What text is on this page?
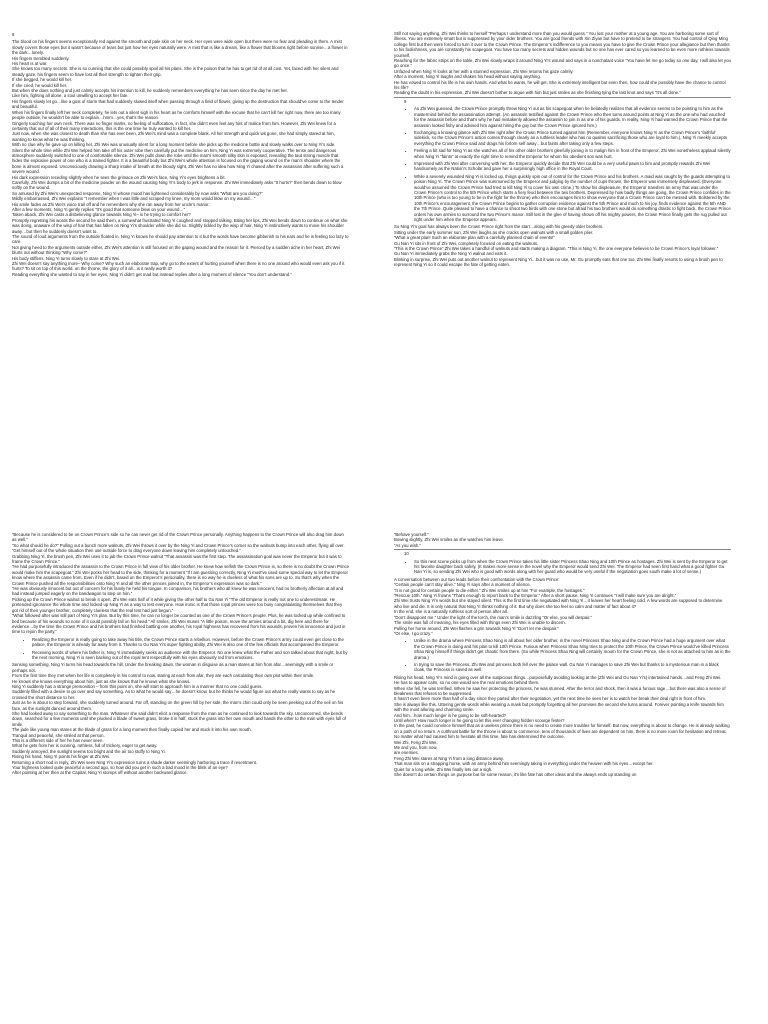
8

The blood on his fingers seems exceptionally red against the smooth and pale skin on her neck. Her eyes were wide open but there were no fear and pleading in them. A mist slowly covers those eyes but it wasn’t because of tears but just how her eyes naturally were. A mist that is like a dream, like a flower that blooms right before sunrise…a flower in the dark…lonely.

His fingers trembled suddenly.

His heart is at war.

She knows too many secrets. She is so cunning that she could possibly spoil all his plans. She is the poison that he has to get rid of at all cost. Yet, faced with her silent and steady gaze, his fingers seem to have lost all their strength to tighten their grip.

If she begged, he would kill her.

If she cried, he would kill her.

But when she does nothing and just calmly accepts his intention to kill, he suddenly remembers everything he has seen since the day he met her.

Like him, fighting all alone, a soul unwilling to accept her fate.

His fingers slowly let go…like a gust of storm that had suddenly slowed itself when passing through a field of flower, giving up the destruction that should’ve come to the tender and beautiful.

When his fingers finally left her neck completely, he lets out a silent sigh in his heart as he comforts himself with the excuse that he can’t kill her right now, there are too many people outside, he wouldn’t be able to explain…hmm…yes, that’s the reason.

Gingerly touching her own neck. There was no finger marks, no feeling of suffocation, in fact, she didn’t even feel any hint of malice from him. However, Zhi Wei knew for a certainty that out of all of their many interactions, this is the one time he truly wanted to kill her.

Just now, when she was closest to death than she has ever been, Zhi Wei’s mind was a complete blank. All her strength and quick wit gone, she had simply stared at him, wanting to know what he was thinking.

With no clue why he gave up on killing her, Zhi Wei was unusually silent for a long moment before she picks up the medicine bottle and slowly walks over to Ning Yi’s side.

Silent the whole time while Zhi Wei helped him take off his outer robe then carefully put the medicine on him, Ning Yi was extremely cooperative. The tense and dangerous atmosphere suddenly switched to one of comfortable silence. Zhi Wei pulls down the robe until the man’s smooth silky skin is exposed, revealing the taut strong muscle that hides the explosive power of one who is a trained fighter. It is a beautiful body but Zhi Wei’s whole attention is focused on the gaping wound on the man’s shoulder where the bone is almost exposed. Unconsciously drawing a sharp intake of breath at the bloody sight, Zhi Wei has no idea how Ning Yi chased after the assassins after suffering such a severe wound.

His dark expression receding slightly when he sees the grimace on Zhi Wei’s face, Ning Yi’s eyes brightens a bit.

Carefully, Zhi Wei dumps a bit of the medicine powder on the wound causing Ning Yi’s body to jerk in response. Zhi Wei immediately asks “It hurts?” then bends down to blow softly on the wound.

So amused by Zhi Wei’s unexpected response, Ning Yi whose mood has lightened considerably by now asks “What are you doing?”

Mildly embarrassed, Zhi Wei explains “I remember when I was little and scraped my knee, my mom would blow on my wound…”

His smile fades as Zhi Wei’s voice trail off and he remembers why she ran away from her uncle’s manor.

After a few moments, Ning Yi gently replies “It’s good that someone blew on your wound…”

Taken aback, Zhi Wei casts a disbelieving glance towards Ning Yi– is he trying to comfort her?

Promptly regretting his words the second he said them, a somewhat frustrated Ning Yi coughed and stopped talking. Biting her lips, Zhi Wei bends down to continue on what she was doing, unaware of the wisp of hair that has fallen on Ning Yi’s shoulder while she did so. Slightly tickled by the wisp of hair, Ning Yi instinctively wants to move his shoulder away…but then he suddenly doesn’t want to.

The sound of loud arguments from the outside floated in. Ning Yi knows he should pay attention to it but the words have become gibberish to his ears and he is feeling too lazy to care.

Not giving heed to the arguments outside either, Zhi Wei’s attention is still focused on the gaping wound and the reason for it. Pierced by a sudden ache in her heart, Zhi Wei blurts out without thinking “Why come?”

His body stiffens, Ning Yi turns slowly to stare at Zhi Wei.

Zhi Wei doesn’t say anything more– Why come? Why such an elaborate trap, why go to the extent of hurting yourself when there is no one around who would even ask you if it hurts? To sit on top of this world, on the throne, the glory of it all…is it really worth it?

Reading everything she wanted to say in her eyes, Ning Yi didn’t get mad but instead replies after a long moment of silence “You don’t understand.”

Still not saying anything, Zhi Wei thinks to herself “Perhaps I understand more than you would guess.” You lost your mother at a young age. You are harboring some sort of illness. You are extremely smart but is suppressed by your older brothers. You are good friends with Xin Ziyan but have to pretend to be strangers. You had control of Qing Ming college first but then were forced to turn it over to the Crown Prince. The Emperor’s indifference to you means you have to give the Crown Prince your allegiance but then thanks to his foolishness, you are constantly his scapegoat. You have too many secrets and hidden wounds but no one has ever cared so you learned to be even more ruthless towards yourself.

Reaching for the fabric strips on the table, Zhi Wei slowly wraps it around Ning Yi’s wound and says in a nonchalant voice “You have let me go today so one day, I will also let you go once.”

Unfazed when Ning Yi looks at her with a stunned expression, Zhi Wei returns his gaze calmly.

After a moment, Ning Yi laughs and shakes his head without saying anything.

He has vowed to control his life in his own hands. And what he wants, he will get. She is extremely intelligent but even then, how could she possibly have the chance to control his life?

Reading the doubt in his expression, Zhi Wei doesn’t bother to argue with him but just smiles as she finishing tying the last knot and says “It’s all done.”

9
• As Zhi Wei guessed, the Crown Prince promptly threw Ning Yi out as his scapegoat when he belatedly realizes that all evidence seems to be pointing to him as the mastermind behind the assassination attempt. (An assassin testified against the Crown Prince who then turns around points at Ning Yi as the one who had vouched for the assassin before and that’s why he had mistakenly allowed the assassin to join in as one of his guards. In reality, Ning Yi had warned the Crown Prince that the assassin looked fishy and advised him against hiring the guy but the Crown Prince ignored him.)
• Exchanging a knowing glance with Zhi Wei right after the Crown Prince turned against him (Remember, everyone knows Ning Yi as the Crown Prince’s ‘faithful’ sidekick, so the Crown Prince’s action comes through clearly as a ruthless leader who has no qualms sacrificing those who are loyal to him.), Ning Yi meekly accepts everything the Crown Prince said and drags his forlorn self away…but faints after taking only a few steps.
• Feeling a bit sad for Ning Yi as she watches all of his other older brothers gleefully joining in to malign him in front of the Emperor, Zhi Wei nonetheless applaud silently when Ning Yi “faints” at exactly the right time to remind the Emperor for whom his obedient son was hurt.
• Impressed with Zhi Wei after conversing with her, the Emperor quickly decide that Zhi Wei could be a very useful pawn to him and promptly rewards Zhi Wei handsomely as the Nation’s Scholar and gave her a surprisingly high office in the Royal Court.
• While a severely wounded Ning Yi is locked up, things quickly spin out of control for the Crown Prince and his brothers. A maid was caught by the guards attempting to poison Ning Yi. The Crown Prince was summoned by the Emperor and judging by the number of cups thrown, the Emperor was immensely displeased. (Everyone would’ve assumed the Crown Prince had tried to kill Ning Yi to cover his own crime.) To show his displeasure, the Emperor transfers an army that was under the Crown Prince’s control to the 5th Prince which starts a fiery feud between the two brothers. Depressed by how badly things are going, the Crown Prince confides in the 10th Prince (who is too young to be in the fight for the throne) who then encourages him to show everyone that a Crown Prince can’t be messed with. Bolstered by the 10th Prince’s encouragement, the Crown Prince begins to gather corruption evidence against the 5th Prince and much to his joy, finds evidence against the 5th AND the 7th Prince. Quite pleased to have a chance to shoot two birds with one stone but afraid his two brothers would do something drastic to fight back, the Crown Prince orders his own armies to surround the two Prince’s manor. Still lost in the glee of having shown off his mighty powers, the Crown Prince finally gets the rug pulled out right under him when the Emperor appears.

So Ning Yi’s goal has always been the Crown Prince right from the start…along with his greedy older brothers.

Sitting under the early summer sun, Zhi Wei laughs as she cracks open walnuts with a small golden plier.

“What a great plan! Such an elaborate plan with a carefully planned chain of events!”

Gu Nan Yi sits in front of Zhi Wei, completely focused on eating the walnuts.

“This is the Crown Prince” Zhi Wei takes a handful of walnuts and starts making a diagram. “This is Ning Yi, the one everyone believes to be Crown Prince’s loyal follower.”

Gu Nan Yi immediately grabs the Ning Yi walnut and eats it.

Blinking in surprise, Zhi Wei puts out another walnut to represent Ning Yi…but it was no use, Mr. Gu promptly eats that one too. Zhi Wei finally resorts to using a brush pen to represent Ning Yi so it could escape the fate of getting eaten.

“Because he is considered to be on Crown Prince’s side so he can never get rid of the Crown Prince personally. Anything happens to the Crown Prince will also drag him down as well.”

“So what should he do?” Pulling out a bunch more walnuts, Zhi Wei throws it over by the Ning Yi and Crown Prince’s corner so the walnuts bump into each other, flying all over. “Get himself out of the whole situation then use outside force to drag everyone down leaving him completely untouched.”

Grabbing Ning Yi, the brush pen, Zhi Wei uses it to jab the Crown Prince walnut “That assassin was the first step. The assassination goal was never the Emperor but it was to frame the Crown Prince.”

“He had purposefully introduced the assassin to the Crown Prince in full view of his older brother. He knew how selfish the Crown Prince is, so there is no doubt the Crown Prince would make him the scapegoat.” Zhi Wei pocks her head to the side, thinking for a moment “If I am guessing correctly, Ning Yi must’ve used some special way to let the Emperor know where the assassin came from. Even if he didn’t, based on the Emperor’s personality, there is no way he is clueless of what his sons are up to. So that’s why when the Crown Prince pushed all the responsibilities onto Ning Yi and all the other princes joined in, the Emperor’s expression was so dark.”

“He was obviously innocent but out of concern for his family he held his tongue. In comparison, his brothers who all knew he was innocent, had no brotherly affection at all and had instead jumped eagerly on the bandwagon to step on him.”

Picking up the Crown Prince walnut to break it open, Zhi Wei eats half of it while giving the other half to Gu Nan Yi “The old Emperor is really not one to underestimate. He pretended ignorance the whole time and locked up Ning Yi as a way to test everyone. How ironic is that those royal princes were too busy congratulating themselves that they got rid of their younger brother, completely clueless that the real test had just begun.”

“What followed after was still part of Ning Yi’s plan. But by this time, he can no longer be counted as one of the Crown Prince’s people. Plus, he was locked up while confined to bed because of his wounds so none of it could possibly fall on his head.” All smiles, Zhi Wei muses “A little poison, move the armies around a bit, dig here and there for evidence…by the time the Crown Prince and his brothers had finished battling one another, his royal highness has recovered from his wounds, proven his innocence and just in time to rejoin the party.”

• Realizing the Emperor is really going to take away his title, the Crown Prince starts a rebellion. However, before the Crown Prince’s army could even get close to the palace, the Emperor is already far away from it. Thanks to Gu Nan Yi’s super fighting ability, Zhi Wei is also one of the few officials that accompanied the Emperor.
• Receiving words of where his father is, Ning Yi immediately seeks an audience with the Emperor. No one knew what the Father and son talked about that night, but by the next morning, Ning Yi is seen backing out of the royal tent respectfully with his eyes obviously red from emotions.

Sensing something, Ning Yi turns his head towards the hill. Under the breaking dawn, the woman in disguise as a man stares at him from afar…seemingly with a smile or perhaps not.

From the first time they met when her life is completely in his control to now, staring at each from afar, they are each calculating their own plot within their smile.

He knows she knows everything about him, just as she knows that he knows what she knows.

Ning Yi suddenly has a strange premonition – from this point on, she will start to approach him in a manner that no one could guess.

Suddenly filled with a desire to go over and say something. As to what he would say…he doesn’t know, but he thinks he would figure out what he really wants to say as he crossed the short distance to her.

Just as he is about to step forward, she suddenly turned around. Far off, standing on the green hill by her side, the man’s chin could only be seen peeking out of the veil on his face, as the sunlight danced around them.

She had looked away to say something to the man. Whatever she said didn’t elicit a response from the man as he continued to look towards the sky. Unconcerned, she bends down, searched for a few moments until she plucked a blade of sweet grass, broke it in half, stuck the grass into her own mouth and hands the other to the man with eyes full of smile.

The jade like young man stares at the blade of grass for a long moment then finally copied her and stuck it into his own mouth.

Tranquil and peaceful, she smiled at that person.

This is a different side of her he has never seen.

What he gets from her is cunning, ruthless, full of trickery, eager to get away.

Suddenly annoyed, the sunlight seems too bright and the air too stuffy to Ning Yi.

Rising his hand, Ning Yi points his finger at Zhi Wei.

Returning a short nod in reply, Zhi Wei sees Ning Yi’s expression turns a shade darker seemingly harboring a trace if resentment.

Your highness looked quite peaceful a second ago, so how did you get in such a bad mood in the blink of an eye?

After pointing at her then at the Capital, Ning Yi stomps off without another backward glance.

“Behave yourself.”

Bowing slightly, Zhi Wei smiles as she watches him leave.

“As you wish.”

10
• So this next scene picks up from when the Crown Prince takes his little sister Princess Shao Ning and 10th Prince as hostages. Zhi Wei is sent by the Emperor to get his favorite daughter back safely. (It makes more sense in the novel why the Emperor would send Zhi Wei. The Emperor had seen first hand what a good fighter Gu Nan Yi is, so sending Zhi Wei who is good with words along with her guard who would be very useful if the negotiation goes south make a lot of sense.)

A conversation between our two leads before their confrontation with the Crown Prince:

“Certain people can’t stay alive.” Ning Yi says after a moment of silence.

“It is not good for certain people to die either.” Zhi Wei smiles up at him “For example, the hostages.”

“Rescue 10th.” Ning Yi frowns “That’s enough to report back to the Emperor.” After a short pause, Ning Yi continues “I will make sure you are alright.”

Zhi Wei trusts Ning Yi’s words but she stayed silent. This is the first time she negotiated with Ning Yi…it leaves her heart feeling cold. A few words are supposed to determine who live and die. It is only natural that Ning Yi thinks nothing of it. But why does she too feel so calm and matter of fact about it?

In the end, she is a naturally ruthless sort of person after all.

“Don’t disappoint me.” Under the light of the torch, the man’s smile is dazzling “Or else, you will despair.”

The smile was full of meaning, his eyes filled with things even Zhi Wei is unable to discern.

Pulling her horse around, Zhi Wei flashes a grin towards Ning Yi “Don’t let me despair.”

“Or else, I go crazy.”

• Unlike in the drama where Princess Shao Ning is all about her older brother, in the novel Princess Shao Ning and the Crown Prince had a huge argument over what the Crown Prince is doing and his plan to kill 10th Prince. Furious when Princess Shao Ning tries to protect the 10th Prince, the Crown Prince would’ve killed Princess Shao Ning himself if things didn’t get chaotic from there. (So while Princess Shao Ning will certainly mourn for the Crown Prince, she is not as attached to him as in the drama.)
• In trying to save the Princess, Zhi Wei and princess both fell over the palace wall. Gu Nan Yi manages to save Zhi Wei but thanks to a mysterious man in a black cloak, the Princess is saved as well.

Rising his head, Ning Yi’s mind is going over all the suspicious things…purposefully avoiding looking at the (Zhi Wei and Gu Nan Yi’s) intertwined hands…and Feng Zhi Wei.

He has to appear calm, so no one would see the real emotions behind them.

When she fell, he was terrified. When he saw her protecting the princess, he was stunned. After the terror and shock, then it was a furious rage…but there was also a sense of bleakness that refuses to be suppressed.

It hasn’t even been more than half of a day since they parted after their negotiation, yet the next time he sees her is to watch her break their deal right in front of him.

She is always like this. Uttering gentle words while wearing a mask but promptly forgetting all her promises the second she turns around. Forever pointing a knife towards him with the most alluring and charming smile.

And him…how much longer is he going to be soft-hearted?

Until when? How much longer is he going to let this ever changing hidden scourge fester?

In the past, he could convince himself that as a useless prince there is no need to create more troubles for himself. But now, everything is about to change. He is already walking on a path of no return. A cutthroat battle for the throne is about to commence, tens of thousands of lives are dependent on him, there is no more room for hesitation and retreat.

No matter what had caused him to hesitate all this time, fate has determined the outcome.

Wei Zhi, Feng Zhi Wei.

Me and you, from now,

are enemies.

Feng Zhi Wei stares at Ning Yi from a long distance away.

That man sits on a strapping horse, with an army behind him seemingly taking in everything under the heaven with his eyes…except her.

Quiet for a long while, Zhi Wei finally lets out a sigh.

She doesn’t do certain things on purpose but for some reason, it’s like fate has other ideas and she always ends up standing on
